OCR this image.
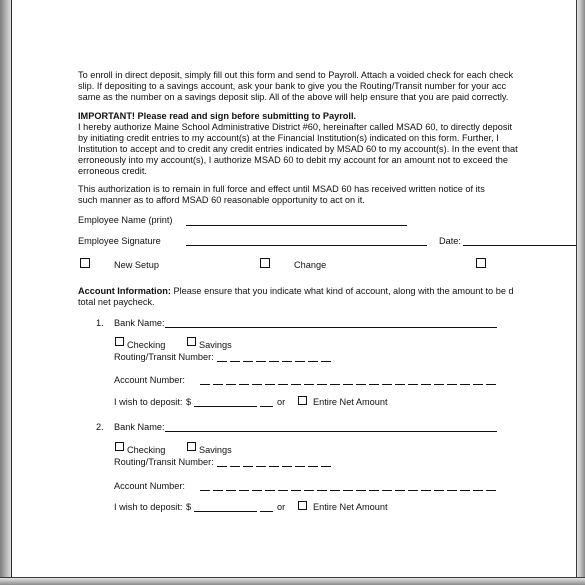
To enroll in direct deposit, simply fill out this form and send to Payroll. Attach a voided check for each check
slip. If depositing to a savings account, ask your bank to give you the Routing/Transit number for your acc
same as the number on a savings deposit slip. All of the above will help ensure that you are paid correctly.
IMPORTANT! Please read and sign before submitting to Payroll.
I hereby authorize Maine School Administrative District #60, hereinafter called MSAD 60, to directly deposit
by initiating credit entries to my account(s) at the Financial Institution(s) indicated on this form. Further, I
Institution to accept and to credit any credit entries indicated by MSAD 60 to my account(s). In the event that
erroneously into my account(s), I authorize MSAD 60 to debit my account for an amount not to exceed the
erroneous credit.
This authorization is to remain in full force and effect until MSAD 60 has received written notice of its
such manner as to afford MSAD 60 reasonable opportunity to act on it.
Employee Name (print)
Employee Signature	Date:
New Setup	Change
Account Information: Please ensure that you indicate what kind of account, along with the amount to be d
total net paycheck.
1. Bank Name:
Checking	Savings
Routing/Transit Number:
Account Number:
I wish to deposit: $	or	Entire Net Amount
2. Bank Name:
Checking	Savings
Routing/Transit Number:
Account Number:
I wish to deposit: $	or	Entire Net Amount
